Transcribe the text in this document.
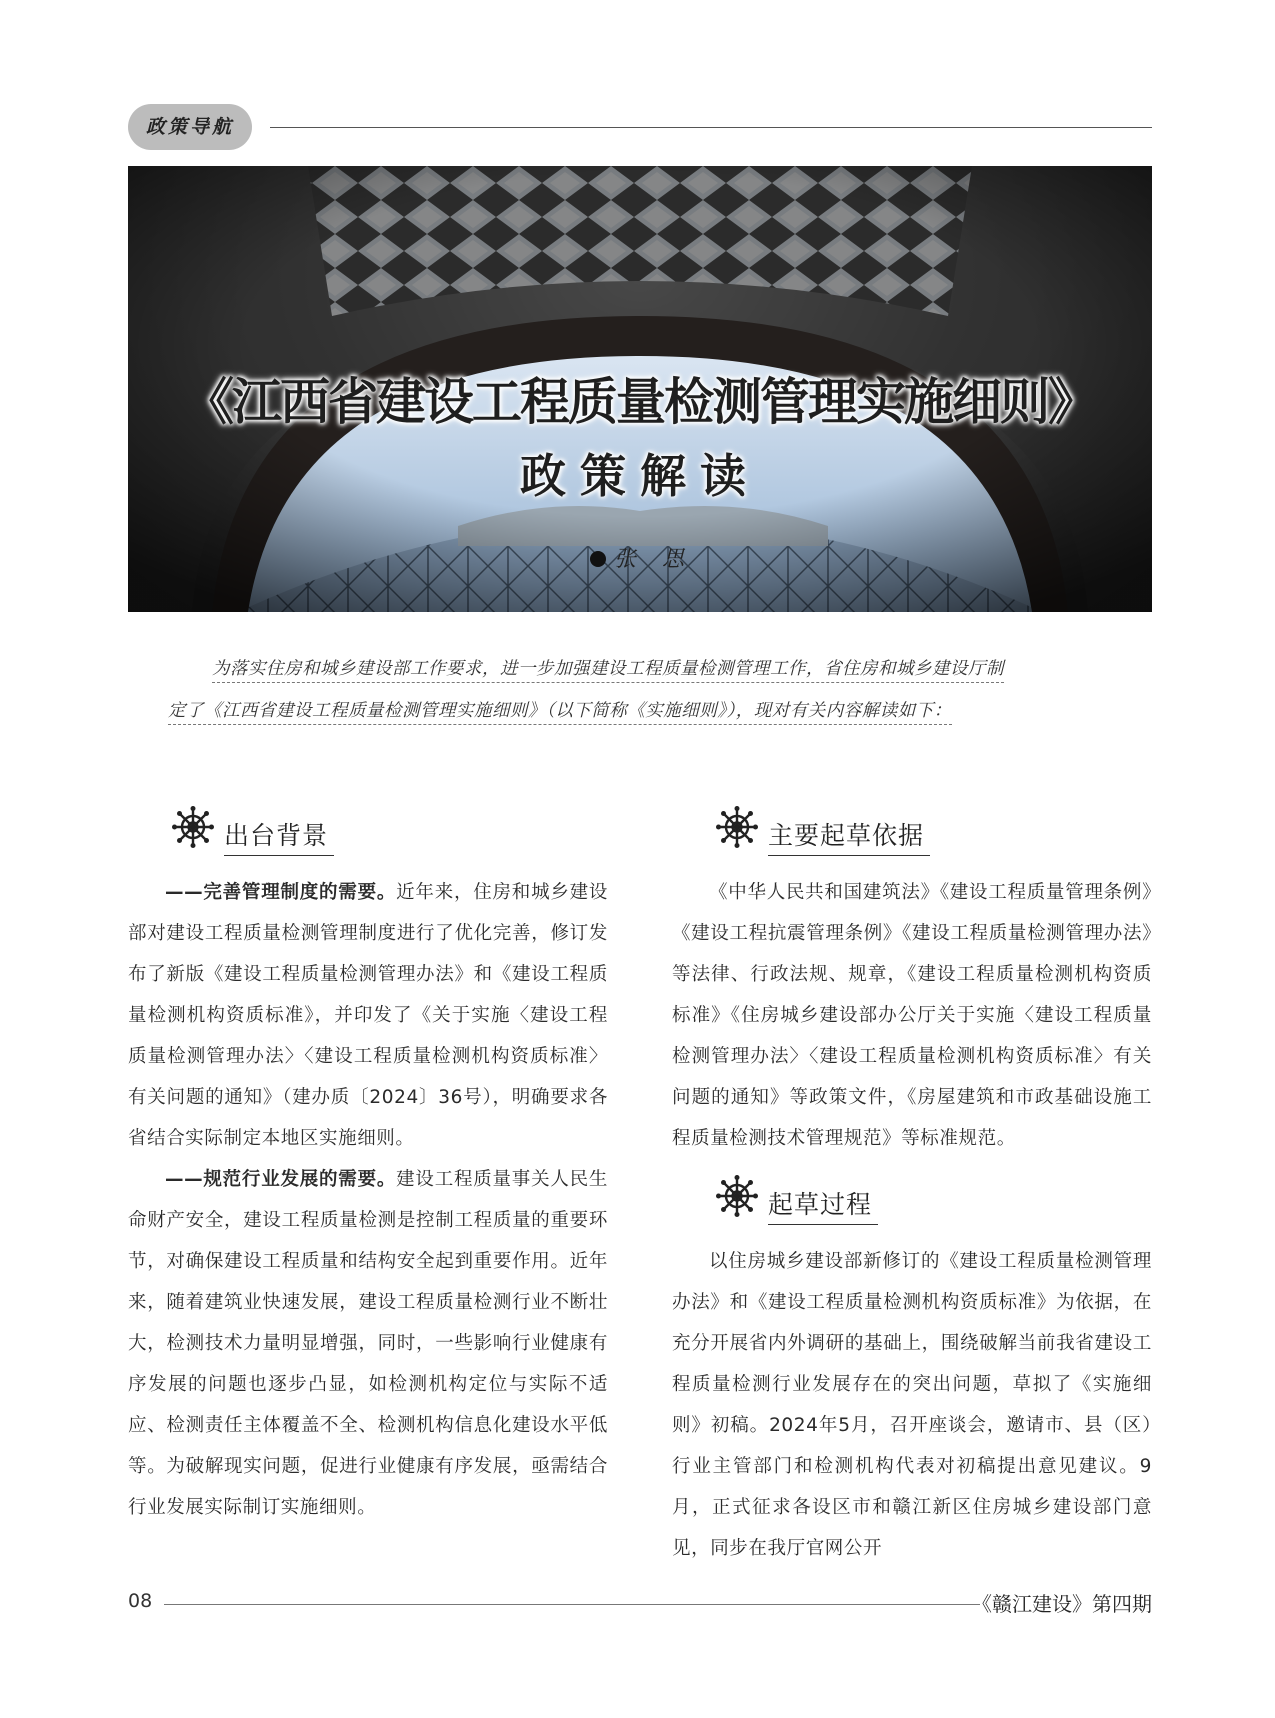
政策导航
《江西省建设工程质量检测管理实施细则》
政策解读
张 思
为落实住房和城乡建设部工作要求，进一步加强建设工程质量检测管理工作，省住房和城乡建设厅制
定了《江西省建设工程质量检测管理实施细则》（以下简称《实施细则》），现对有关内容解读如下：
出台背景

——完善管理制度的需要。近年来，住房和城乡建设部对建设工程质量检测管理制度进行了优化完善，修订发布了新版《建设工程质量检测管理办法》和《建设工程质量检测机构资质标准》，并印发了《关于实施〈建设工程质量检测管理办法〉〈建设工程质量检测机构资质标准〉有关问题的通知》（建办质〔2024〕36号），明确要求各省结合实际制定本地区实施细则。

——规范行业发展的需要。建设工程质量事关人民生命财产安全，建设工程质量检测是控制工程质量的重要环节，对确保建设工程质量和结构安全起到重要作用。近年来，随着建筑业快速发展，建设工程质量检测行业不断壮大，检测技术力量明显增强，同时，一些影响行业健康有序发展的问题也逐步凸显，如检测机构定位与实际不适应、检测责任主体覆盖不全、检测机构信息化建设水平低等。为破解现实问题，促进行业健康有序发展，亟需结合行业发展实际制订实施细则。

主要起草依据

《中华人民共和国建筑法》《建设工程质量管理条例》《建设工程抗震管理条例》《建设工程质量检测管理办法》等法律、行政法规、规章，《建设工程质量检测机构资质标准》《住房城乡建设部办公厅关于实施〈建设工程质量检测管理办法〉〈建设工程质量检测机构资质标准〉有关问题的通知》等政策文件，《房屋建筑和市政基础设施工程质量检测技术管理规范》等标准规范。

起草过程

以住房城乡建设部新修订的《建设工程质量检测管理办法》和《建设工程质量检测机构资质标准》为依据，在充分开展省内外调研的基础上，围绕破解当前我省建设工程质量检测行业发展存在的突出问题，草拟了《实施细则》初稿。2024年5月，召开座谈会，邀请市、县（区）行业主管部门和检测机构代表对初稿提出意见建议。9月，正式征求各设区市和赣江新区住房城乡建设部门意见，同步在我厅官网公开

08	《赣江建设》第四期
